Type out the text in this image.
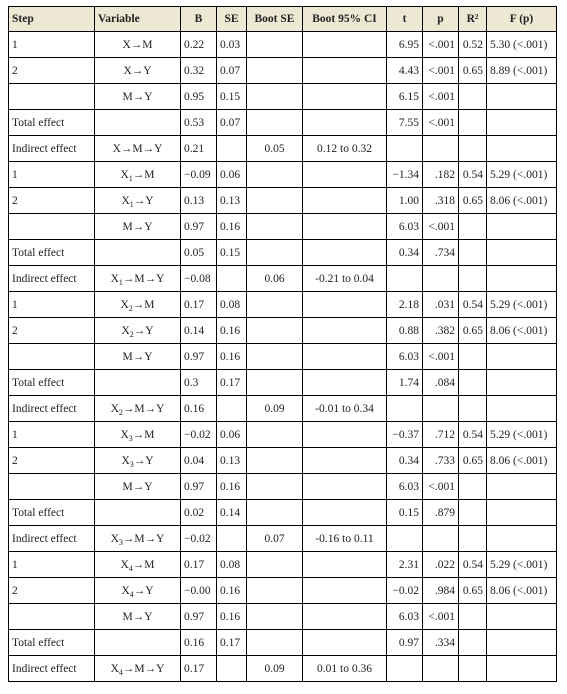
Step	Variable	B	SE	Boot SE	Boot 95% CI	t	p	R²	F (p)
1	X→M	0.22	0.03			6.95	<.001	0.52	5.30 (<.001)
2	X→Y	0.32	0.07			4.43	<.001	0.65	8.89 (<.001)
	M→Y	0.95	0.15			6.15	<.001		
Total effect		0.53	0.07			7.55	<.001		
Indirect effect	X→M→Y	0.21		0.05	0.12 to 0.32				
1	$X_1\to M$	−0.09	0.06			−1.34	.182	0.54	5.29 (<.001)
2	$X_1\to Y$	0.13	0.13			1.00	.318	0.65	8.06 (<.001)
	M→Y	0.97	0.16			6.03	<.001		
Total effect		0.05	0.15			0.34	.734		
Indirect effect	$X_1\to M\to Y$	−0.08		0.06	-0.21 to 0.04				
1	$X_2\to M$	0.17	0.08			2.18	.031	0.54	5.29 (<.001)
2	$X_2\to Y$	0.14	0.16			0.88	.382	0.65	8.06 (<.001)
	M→Y	0.97	0.16			6.03	<.001		
Total effect		0.3	0.17			1.74	.084		
Indirect effect	$X_2\to M\to Y$	0.16		0.09	-0.01 to 0.34				
1	$X_3\to M$	−0.02	0.06			−0.37	.712	0.54	5.29 (<.001)
2	$X_3\to Y$	0.04	0.13			0.34	.733	0.65	8.06 (<.001)
	M→Y	0.97	0.16			6.03	<.001		
Total effect		0.02	0.14			0.15	.879		
Indirect effect	$X_3\to M\to Y$	−0.02		0.07	-0.16 to 0.11				
1	$X_4\to M$	0.17	0.08			2.31	.022	0.54	5.29 (<.001)
2	$X_4\to Y$	−0.00	0.16			−0.02	.984	0.65	8.06 (<.001)
	M→Y	0.97	0.16			6.03	<.001		
Total effect		0.16	0.17			0.97	.334		
Indirect effect	$X_4\to M\to Y$	0.17		0.09	0.01 to 0.36				
